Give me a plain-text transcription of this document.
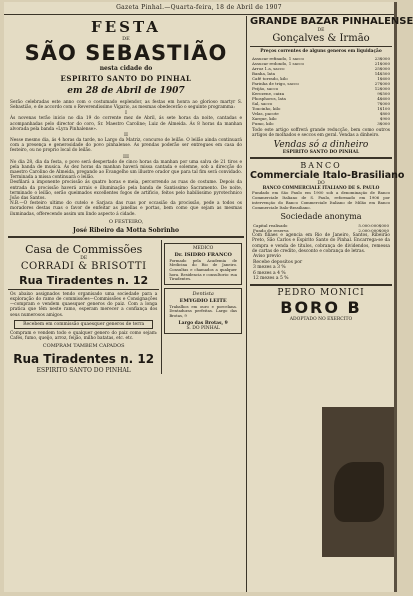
Gazeta Pinhal.—Quarta-feira, 18 de Abril de 1907
FESTA
DE
SÃO SEBASTIÃO
nesta cidade do
ESPIRITO SANTO DO PINHAL
em 28 de Abril de 1907

Serão celebradas este anno com o costumado esplendor, as festas em honra ao glorioso martyr S. Sebastião, e de accordo com o Reverendissimo Vigario, as mesmas obedecerão o seguinte programma:

I

Ás novenas terão inicio no dia 19 do corrente mez de Abril, ás sete horas da noite, cantadas e acompanhadas pelo director do coro, Sr. Maestro Caroline; Luiz de Almeida. Ás 8 horas da manhan alvorada pela banda «Lyra Pinhalense».

II

Nesse mesmo dia, ás 4 horas da tarde, no Largo da Matriz, concurso de leilão. O leilão ainda continuará com a presença e generosidade do povo pinhalense. As prendas poderão ser entregues em casa do festeiro, ou no proprio local do leilão.

III

No dia 28, dia da festa, o povo será despertado de cinco horas da manhan por uma salva de 21 tiros e pela banda de musica. Ás dez horas da manhan haverá missa cantada e solemne, sob a direcção do maestro Carolino de Almeida, pregando ao Evangelho um illustre orador que para tal fim será convidado. Terminada a missa continuará o leilão.

Desfilará a imponente procissão ás quatro horas e meia, percorrendo as ruas do costume. Depois da entrada da procissão haverá arrais e illuminação pela banda de Santissimo Sacramento. De noite, terminado o leilão, serão queimados excellentes fogos de artificio, feitos pelo habilissimo pyrotechnico João das Santos.

N.B.—O festeiro ultimo do cutelo e Sarjaca das ruas por occasião da procissão, pede a todos os moradores destas ruas o favor de enfeitar as janellas e portas, bem como que sejam as mesmas iluminadas, offerecendo assim um lindo aspecto á cidade.

O FESTEIRO,
José Ribeiro da Motta Sobrinho
Casa de Commissões
DE
CORRADI & BRISOTTI
Rua Tiradentes n. 12

Os abaixo assignados tendo organisado uma sociedade para a exploração do ramo de commissões—Commissões e Consignações—compram e vendem quaesquer generos do paiz. Com a longa pratica que têm neste ramo, esperam merecer a confiança dos seus numerosos amigos.

Recebem em commissão quaesquer generos de terra

Compram e vendem todo e qualquer genero do paiz como sejam: Cafés, fumo, queijo, arroz, feijão, milho batatas, etc. etc.

COMPRAM TAMBEM CAPADOS
Rua Tiradentes n. 12
ESPIRITO SANTO DO PINHAL
MEDICO
Dr. ISIDRO FRANCO

Formado pela Academia de Medicina do Rio de Janeiro. Consultas e chamados a qualquer hora. Residencia e consultorio: rua Tiradentes.

Dentista
EMYGDIO LEITE

Trabalhos em ouro e porcelana. Dentaduras perfeitas. Largo das Brotas, 9

Largo das Brotas, 9
S. DO PINHAL
GRANDE BAZAR PINHALENSE
DE
Gonçalves & Irmão
Preços correntes de alguns generos em liquidação
Assucar refinado, 1 sacco	23$000
Assucar redondo, 1 sacco	21$000
Arroz 1.a, sacco	25$000
Banha, lata	14$500
Café torrado, kilo	1$600
Farinha de trigo, sacco	27$000
Feijão, sacco	12$000
Kerozene, caixa	9$500
Phosphoros, lata	4$600
Sal, sacco	7$000
Toucinho, kilo	1$100
Velas, pacote	$800
Xarque, kilo	$900
Fumo, kilo	3$000

Todo este artigo soffrerá grande reducção, bem como outros artigos de molhados e seccos em geral. Vendas a dinheiro.

Vendas só a dinheiro
ESPIRITO SANTO DO PINHAL
BANCO
Commerciale Italo-Brasiliano
DO
BANCO COMMERCIALE ITALIANO DE S. PAULO

Fundado em São Paulo em 1900 sob a denominação de Banco Commerciale Italiano de S. Paulo, reformado em 1906 por intervenção do Banco Commerciale Italiano de Milão em Banco Commerciale Italo-Brasiliano.

Sociedade anonyma
Capital realisado	5.000:000$000
Fundo de reserva	2.000:000$000

Com filiaes e agencia em Rio de Janeiro, Santos, Ribeirão Preto, São Carlos e Espirito Santo do Pinhal. Encarrega-se da compra e venda de titulos, cobrança de dividendos, remessa de cartas de credito, desconto e cobrança de letras.

Aviso previo
Recebe depositos por
3 mezes a 3 %
6 mezes a 4 %
12 mezes a 5 %
PEDRO MONICI
BORO B
ADOPTADO NO EXERCITO
